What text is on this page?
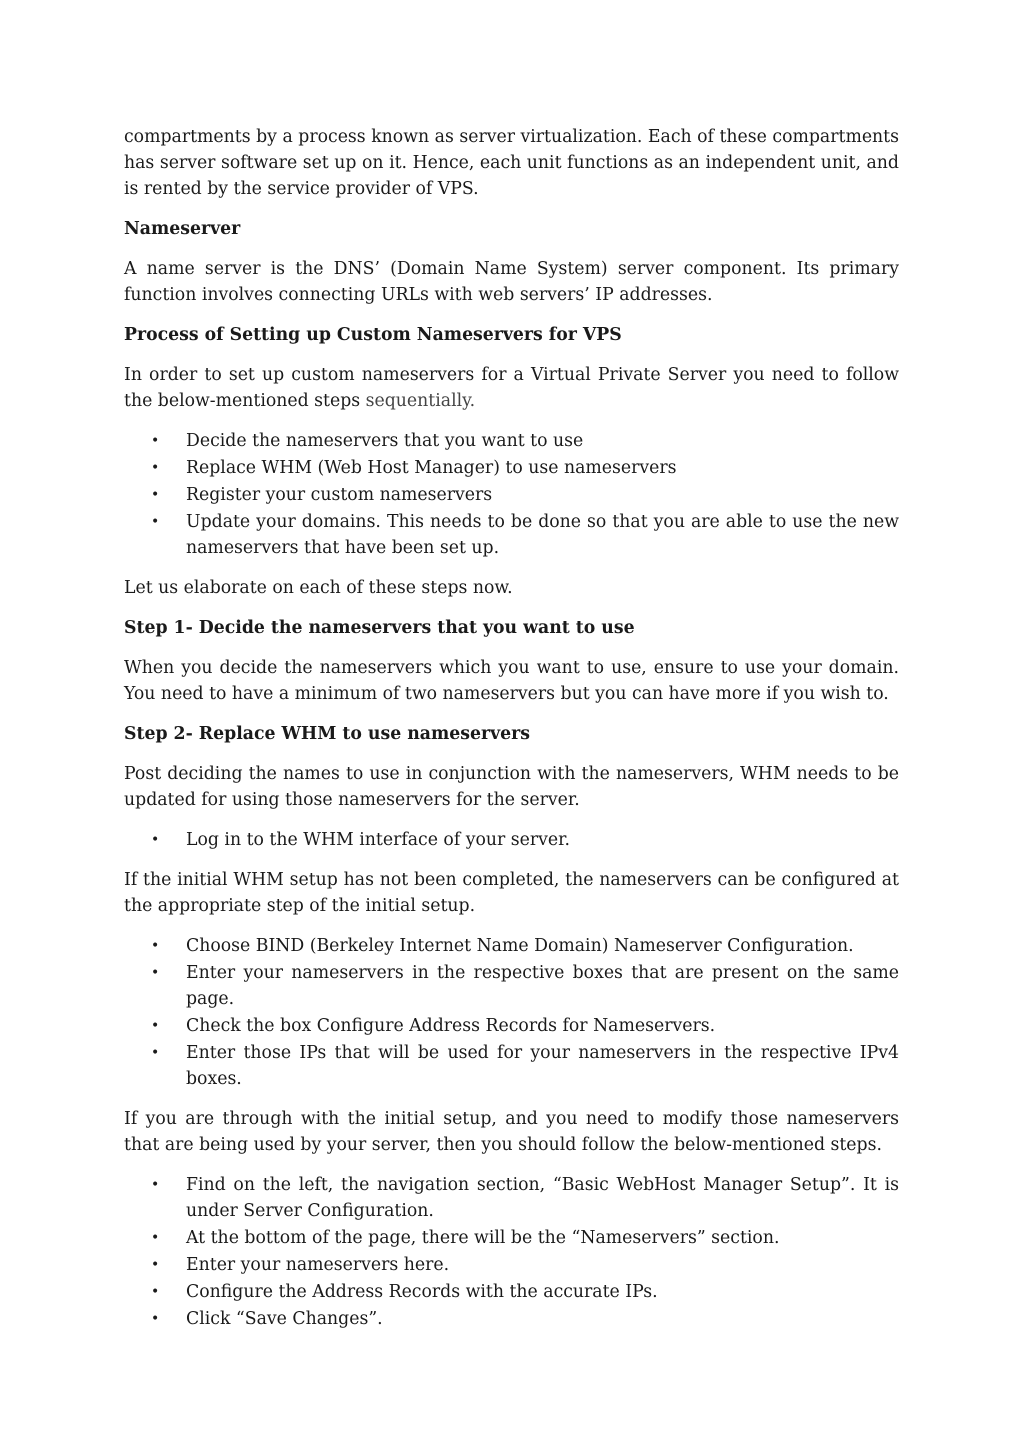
compartments by a process known as server virtualization. Each of these compartments has server software set up on it. Hence, each unit functions as an independent unit, and is rented by the service provider of VPS.

Nameserver

A name server is the DNS’ (Domain Name System) server component. Its primary function involves connecting URLs with web servers’ IP addresses.

Process of Setting up Custom Nameservers for VPS

In order to set up custom nameservers for a Virtual Private Server you need to follow the below-mentioned steps sequentially.

• Decide the nameservers that you want to use
• Replace WHM (Web Host Manager) to use nameservers
• Register your custom nameservers
• Update your domains. This needs to be done so that you are able to use the new nameservers that have been set up.

Let us elaborate on each of these steps now.

Step 1- Decide the nameservers that you want to use

When you decide the nameservers which you want to use, ensure to use your domain. You need to have a minimum of two nameservers but you can have more if you wish to.

Step 2- Replace WHM to use nameservers

Post deciding the names to use in conjunction with the nameservers, WHM needs to be updated for using those nameservers for the server.

• Log in to the WHM interface of your server.

If the initial WHM setup has not been completed, the nameservers can be configured at the appropriate step of the initial setup.

• Choose BIND (Berkeley Internet Name Domain) Nameserver Configuration.
• Enter your nameservers in the respective boxes that are present on the same page.
• Check the box Configure Address Records for Nameservers.
• Enter those IPs that will be used for your nameservers in the respective IPv4 boxes.

If you are through with the initial setup, and you need to modify those nameservers that are being used by your server, then you should follow the below-mentioned steps.

• Find on the left, the navigation section, “Basic WebHost Manager Setup”. It is under Server Configuration.
• At the bottom of the page, there will be the “Nameservers” section.
• Enter your nameservers here.
• Configure the Address Records with the accurate IPs.
• Click “Save Changes”.
